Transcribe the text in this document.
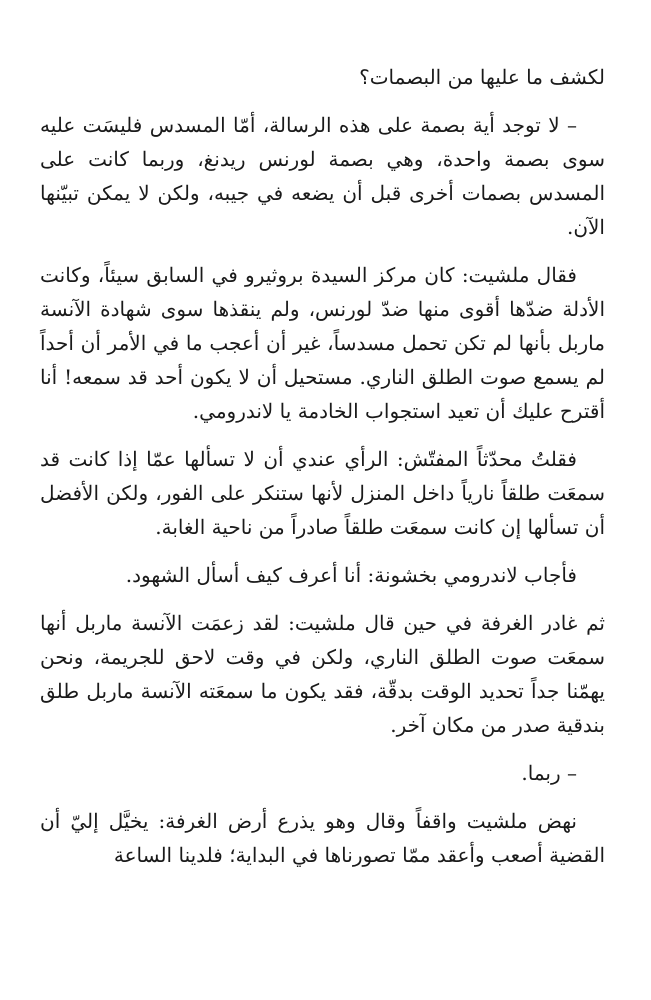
لكشف ما عليها من البصمات؟

– لا توجد أية بصمة على هذه الرسالة، أمّا المسدس فليسَت عليه سوى بصمة واحدة، وهي بصمة لورنس ريدنغ، وربما كانت على المسدس بصمات أخرى قبل أن يضعه في جيبه، ولكن لا يمكن تبيّنها الآن.

فقال ملشيت: كان مركز السيدة بروثيرو في السابق سيئاً، وكانت الأدلة ضدّها أقوى منها ضدّ لورنس، ولم ينقذها سوى شهادة الآنسة ماربل بأنها لم تكن تحمل مسدساً، غير أن أعجب ما في الأمر أن أحداً لم يسمع صوت الطلق الناري. مستحيل أن لا يكون أحد قد سمعه! أنا أقترح عليك أن تعيد استجواب الخادمة يا لاندرومي.

فقلتُ محدّثاً المفتّش: الرأي عندي أن لا تسألها عمّا إذا كانت قد سمعَت طلقاً نارياً داخل المنزل لأنها ستنكر على الفور، ولكن الأفضل أن تسألها إن كانت سمعَت طلقاً صادراً من ناحية الغابة.

فأجاب لاندرومي بخشونة: أنا أعرف كيف أسأل الشهود.

ثم غادر الغرفة في حين قال ملشيت: لقد زعمَت الآنسة ماربل أنها سمعَت صوت الطلق الناري، ولكن في وقت لاحق للجريمة، ونحن يهمّنا جداً تحديد الوقت بدقّة، فقد يكون ما سمعَته الآنسة ماربل طلق بندقية صدر من مكان آخر.

– ربما.

نهض ملشيت واقفاً وقال وهو يذرع أرض الغرفة: يخيَّل إليّ أن القضية أصعب وأعقد ممّا تصورناها في البداية؛ فلدينا الساعة
